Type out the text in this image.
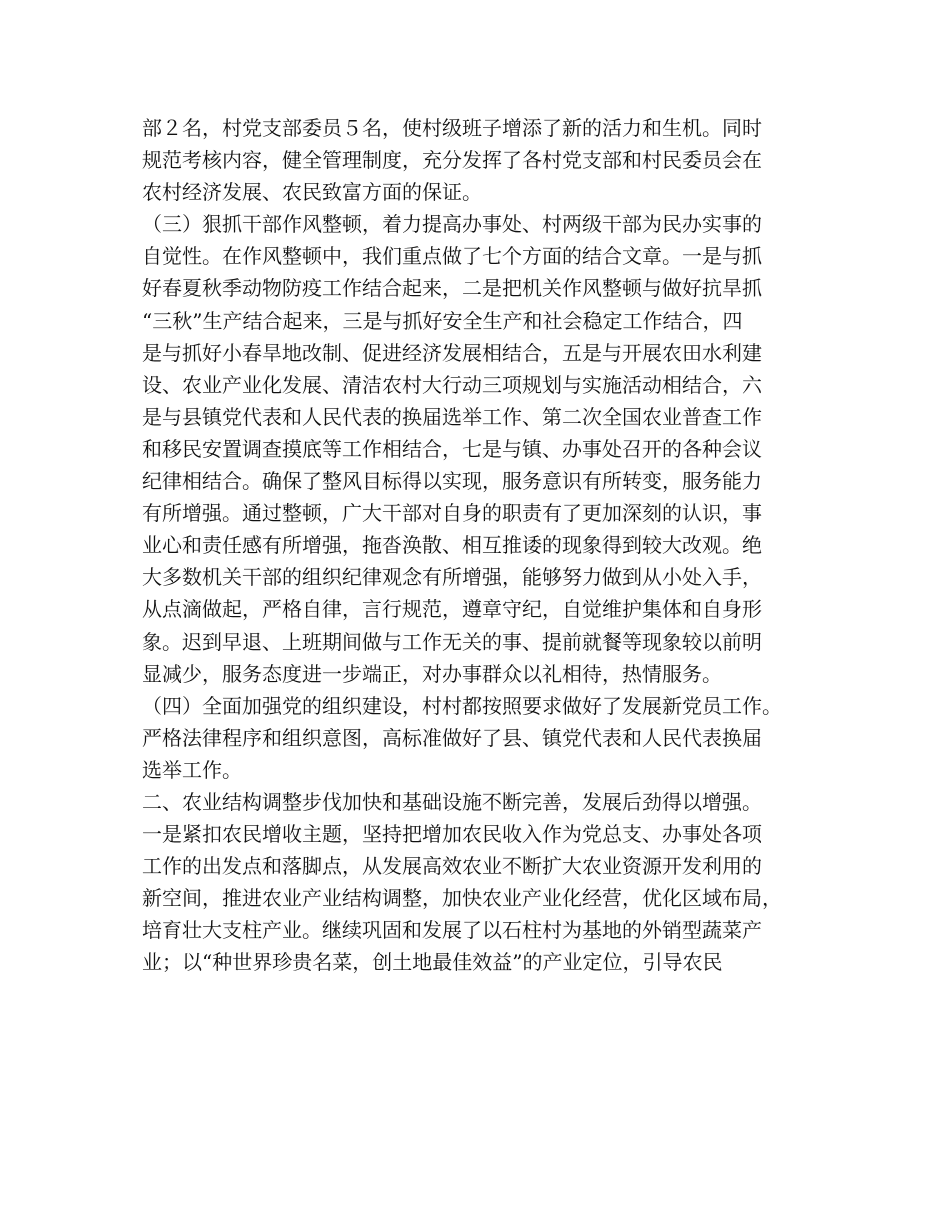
部２名，村党支部委员５名，使村级班子增添了新的活力和生机。同时
规范考核内容，健全管理制度，充分发挥了各村党支部和村民委员会在
农村经济发展、农民致富方面的保证。
（三）狠抓干部作风整顿，着力提高办事处、村两级干部为民办实事的
自觉性。在作风整顿中，我们重点做了七个方面的结合文章。一是与抓
好春夏秋季动物防疫工作结合起来，二是把机关作风整顿与做好抗旱抓
“三秋”生产结合起来，三是与抓好安全生产和社会稳定工作结合，四
是与抓好小春旱地改制、促进经济发展相结合，五是与开展农田水利建
设、农业产业化发展、清洁农村大行动三项规划与实施活动相结合，六
是与县镇党代表和人民代表的换届选举工作、第二次全国农业普查工作
和移民安置调查摸底等工作相结合，七是与镇、办事处召开的各种会议
纪律相结合。确保了整风目标得以实现，服务意识有所转变，服务能力
有所增强。通过整顿，广大干部对自身的职责有了更加深刻的认识，事
业心和责任感有所增强，拖沓涣散、相互推诿的现象得到较大改观。绝
大多数机关干部的组织纪律观念有所增强，能够努力做到从小处入手，
从点滴做起，严格自律，言行规范，遵章守纪，自觉维护集体和自身形
象。迟到早退、上班期间做与工作无关的事、提前就餐等现象较以前明
显减少，服务态度进一步端正，对办事群众以礼相待，热情服务。
（四）全面加强党的组织建设，村村都按照要求做好了发展新党员工作。
严格法律程序和组织意图，高标准做好了县、镇党代表和人民代表换届
选举工作。
二、农业结构调整步伐加快和基础设施不断完善，发展后劲得以增强。
一是紧扣农民增收主题，坚持把增加农民收入作为党总支、办事处各项
工作的出发点和落脚点，从发展高效农业不断扩大农业资源开发利用的
新空间，推进农业产业结构调整，加快农业产业化经营，优化区域布局，
培育壮大支柱产业。继续巩固和发展了以石柱村为基地的外销型蔬菜产
业；以“种世界珍贵名菜，创土地最佳效益”的产业定位，引导农民
